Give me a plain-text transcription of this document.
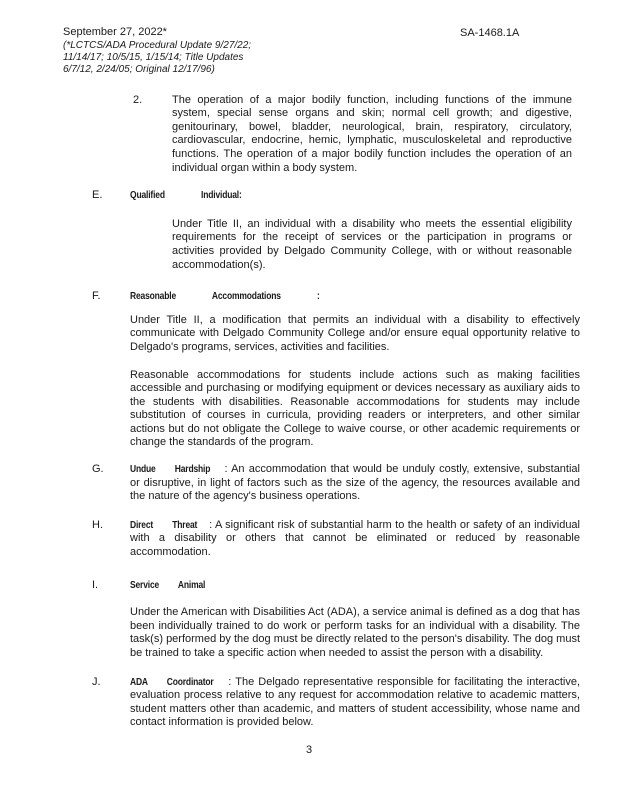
September 27, 2022*
(*LCTCS/ADA Procedural Update 9/27/22;
11/14/17; 10/5/15, 1/15/14; Title Updates
6/7/12, 2/24/05; Original 12/17/96)
SA-1468.1A
2.	The operation of a major bodily function, including functions of the immune system, special sense organs and skin; normal cell growth; and digestive, genitourinary, bowel, bladder, neurological, brain, respiratory, circulatory, cardiovascular, endocrine, hemic, lymphatic, musculoskeletal and reproductive functions. The operation of a major bodily function includes the operation of an individual organ within a body system.
E.	Qualified Individual:
Under Title II, an individual with a disability who meets the essential eligibility requirements for the receipt of services or the participation in programs or activities provided by Delgado Community College, with or without reasonable accommodation(s).
F.	Reasonable Accommodations :
Under Title II, a modification that permits an individual with a disability to effectively communicate with Delgado Community College and/or ensure equal opportunity relative to Delgado's programs, services, activities and facilities.
Reasonable accommodations for students include actions such as making facilities accessible and purchasing or modifying equipment or devices necessary as auxiliary aids to the students with disabilities. Reasonable accommodations for students may include substitution of courses in curricula, providing readers or interpreters, and other similar actions but do not obligate the College to waive course, or other academic requirements or change the standards of the program.
G.	Undue Hardship : An accommodation that would be unduly costly, extensive, substantial or disruptive, in light of factors such as the size of the agency, the resources available and the nature of the agency's business operations.
H.	Direct Threat : A significant risk of substantial harm to the health or safety of an individual with a disability or others that cannot be eliminated or reduced by reasonable accommodation.
I.	Service Animal
Under the American with Disabilities Act (ADA), a service animal is defined as a dog that has been individually trained to do work or perform tasks for an individual with a disability. The task(s) performed by the dog must be directly related to the person's disability. The dog must be trained to take a specific action when needed to assist the person with a disability.
J.	ADA Coordinator : The Delgado representative responsible for facilitating the interactive, evaluation process relative to any request for accommodation relative to academic matters, student matters other than academic, and matters of student accessibility, whose name and contact information is provided below.
3
